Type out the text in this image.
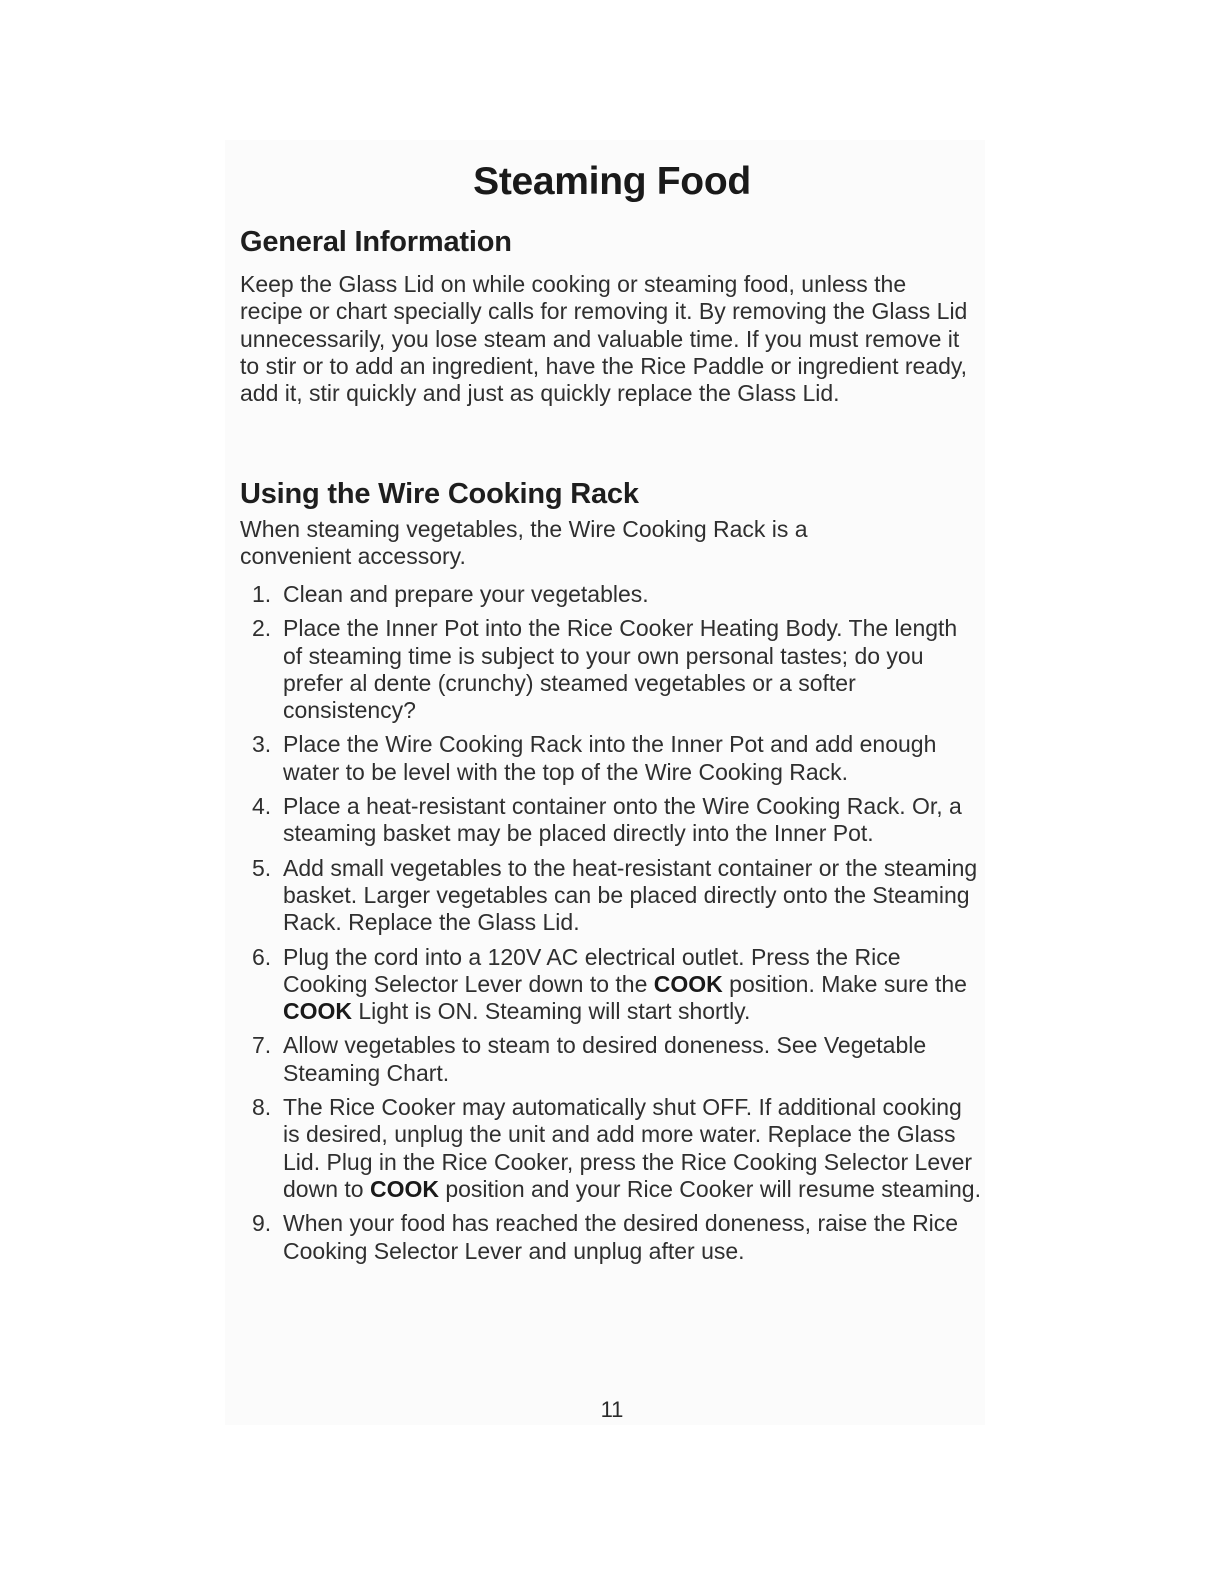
Steaming Food
General Information

Keep the Glass Lid on while cooking or steaming food, unless the recipe or chart specially calls for removing it. By removing the Glass Lid unnecessarily, you lose steam and valuable time. If you must remove it to stir or to add an ingredient, have the Rice Paddle or ingredient ready, add it, stir quickly and just as quickly replace the Glass Lid.

Using the Wire Cooking Rack

When steaming vegetables, the Wire Cooking Rack is a convenient accessory.

1. Clean and prepare your vegetables.
2. Place the Inner Pot into the Rice Cooker Heating Body. The length of steaming time is subject to your own personal tastes; do you prefer al dente (crunchy) steamed vegetables or a softer consistency?
3. Place the Wire Cooking Rack into the Inner Pot and add enough water to be level with the top of the Wire Cooking Rack.
4. Place a heat-resistant container onto the Wire Cooking Rack. Or, a steaming basket may be placed directly into the Inner Pot.
5. Add small vegetables to the heat-resistant container or the steaming basket. Larger vegetables can be placed directly onto the Steaming Rack. Replace the Glass Lid.
6. Plug the cord into a 120V AC electrical outlet. Press the Rice Cooking Selector Lever down to the COOK position. Make sure the COOK Light is ON. Steaming will start shortly.
7. Allow vegetables to steam to desired doneness. See Vegetable Steaming Chart.
8. The Rice Cooker may automatically shut OFF. If additional cooking is desired, unplug the unit and add more water. Replace the Glass Lid. Plug in the Rice Cooker, press the Rice Cooking Selector Lever down to COOK position and your Rice Cooker will resume steaming.
9. When your food has reached the desired doneness, raise the Rice Cooking Selector Lever and unplug after use.
11
